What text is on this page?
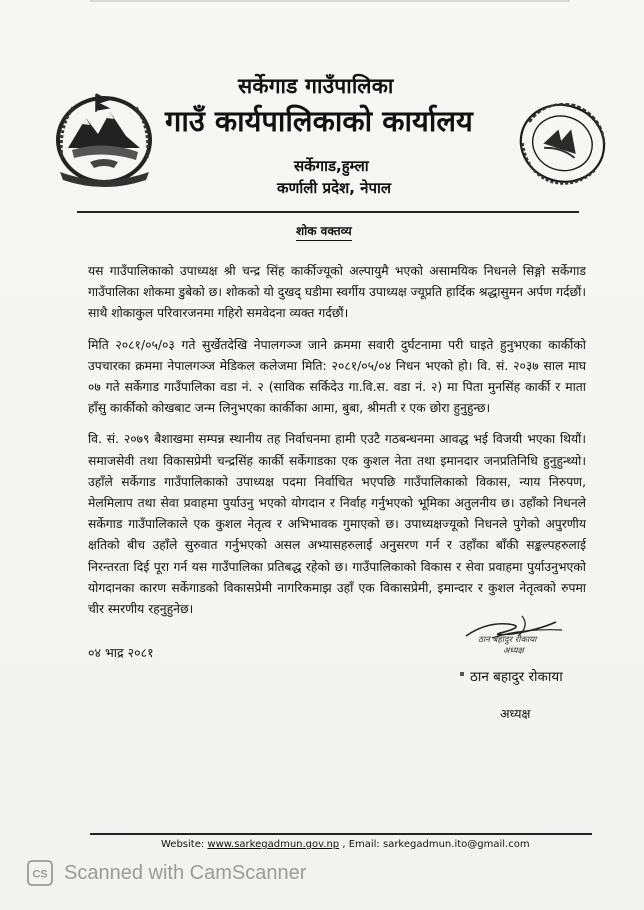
सर्केगाड गाउँपालिका
गाउँ कार्यपालिकाको कार्यालय
सर्केगाड,हुम्ला
कर्णाली प्रदेश, नेपाल
शोक वक्तव्य

यस गाउँपालिकाको उपाध्यक्ष श्री चन्द्र सिंह कार्कीज्यूको अल्पायुमै भएको असामयिक निधनले सिङ्गो सर्केगाड गाउँपालिका शोकमा डुबेको छ। शोकको यो दुखद् घडीमा स्वर्गीय उपाध्यक्ष ज्यूप्रति हार्दिक श्रद्धासुमन अर्पण गर्दछौं। साथै शोकाकुल परिवारजनमा गहिरो समवेदना व्यक्त गर्दछौं।

मिति २०८१/०५/०३ गते सुर्खेतदेखि नेपालगञ्ज जाने क्रममा सवारी दुर्घटनामा परी घाइते हुनुभएका कार्कीको उपचारका क्रममा नेपालगञ्ज मेडिकल कलेजमा मिति: २०८१/०५/०४ निधन भएको हो। वि. सं. २०३७ साल माघ ०७ गते सर्केगाड गाउँपालिका वडा नं. २ (साविक सर्किदेउ गा.वि.स. वडा नं. २) मा पिता मुनसिंह कार्की र माता हाँसु कार्कीको कोखबाट जन्म लिनुभएका कार्कीका आमा, बुबा, श्रीमती र एक छोरा हुनुहुन्छ।

वि. सं. २०७९ बैशाखमा सम्पन्न स्थानीय तह निर्वाचनमा हामी एउटै गठबन्धनमा आवद्ध भई विजयी भएका थियौं। समाजसेवी तथा विकासप्रेमी चन्द्रसिंह कार्की सर्केगाडका एक कुशल नेता तथा इमानदार जनप्रतिनिधि हुनुहुन्थ्यो। उहाँले सर्केगाड गाउँपालिकाको उपाध्यक्ष पदमा निर्वाचित भएपछि गाउँपालिकाको विकास, न्याय निरुपण, मेलमिलाप तथा सेवा प्रवाहमा पुर्याउनु भएको योगदान र निर्वाह गर्नुभएको भूमिका अतुलनीय छ। उहाँको निधनले सर्केगाड गाउँपालिकाले एक कुशल नेतृत्व र अभिभावक गुमाएको छ। उपाध्यक्षज्यूको निधनले पुगेको अपुरणीय क्षतिको बीच उहाँले सुरुवात गर्नुभएको असल अभ्यासहरुलाई अनुसरण गर्न र उहाँका बाँकी सङ्कल्पहरुलाई निरन्तरता दिई पूरा गर्न यस गाउँपालिका प्रतिबद्ध रहेको छ। गाउँपालिकाको विकास र सेवा प्रवाहमा पुर्याउनुभएको योगदानका कारण सर्केगाडको विकासप्रेमी नागरिकमाझ उहाँ एक विकासप्रेमी, इमान्दार र कुशल नेतृत्वको रुपमा चीर स्मरणीय रहनुहुनेछ।

०४ भाद्र २०८१
ठान बहादुर रोकाया
अध्यक्ष
ठान बहादुर रोकाया
अध्यक्ष
Website: www.sarkegadmun.gov.np , Email: sarkegadmun.ito@gmail.com
CS Scanned with CamScanner
